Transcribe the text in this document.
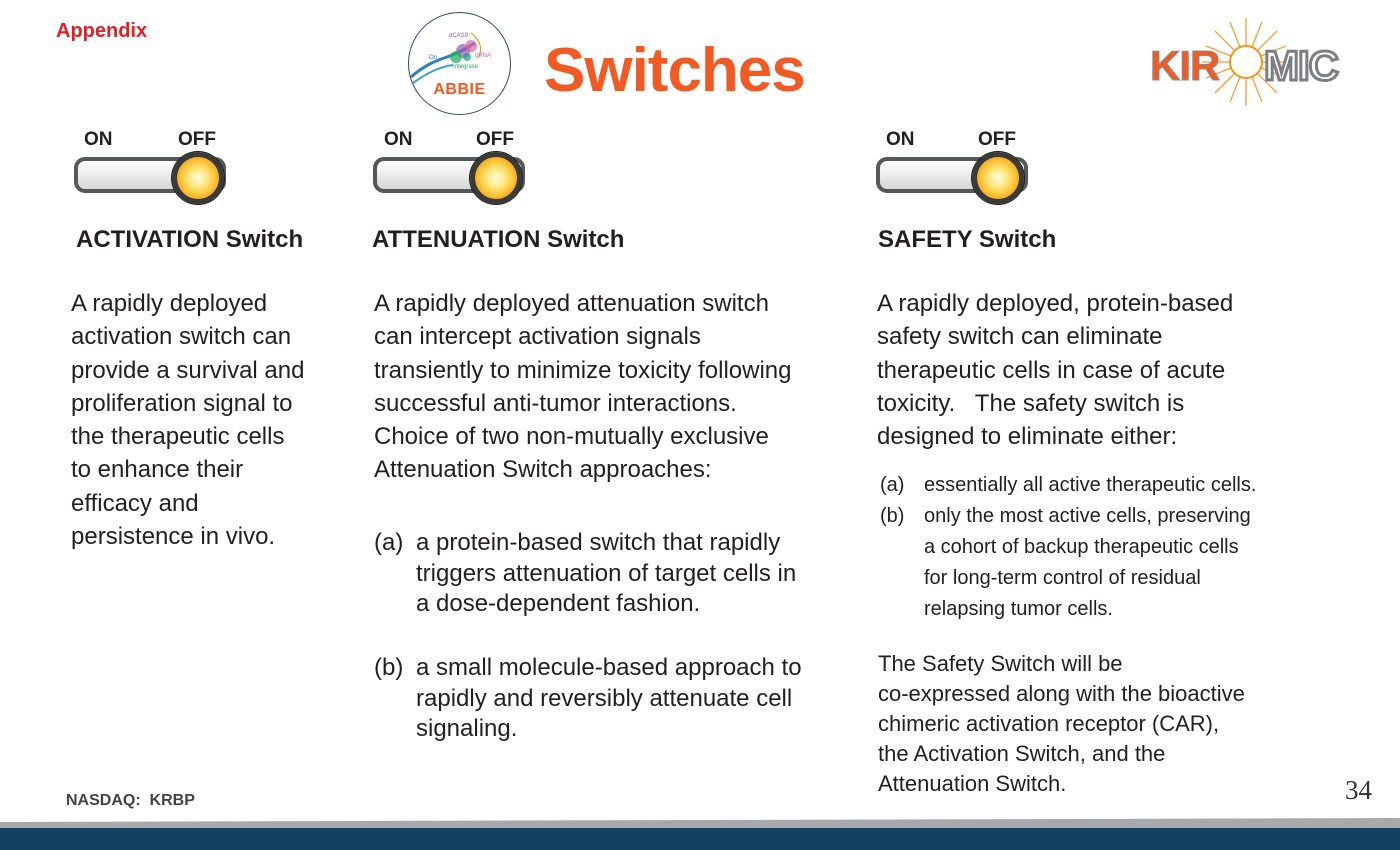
Appendix	dCAS9
gRNA
Integrase
On
ABBIE Switches	KIR MIC
ON	OFF	ON	OFF	ON	OFF
ACTIVATION Switch	ATTENUATION Switch	SAFETY Switch
A rapidly deployed
activation switch can
provide a survival and
proliferation signal to
the therapeutic cells
to enhance their
efficacy and
persistence in vivo.
A rapidly deployed attenuation switch
can intercept activation signals
transiently to minimize toxicity following
successful anti-tumor interactions.
Choice of two non-mutually exclusive
Attenuation Switch approaches:
(a) a protein-based switch that rapidly
triggers attenuation of target cells in
a dose-dependent fashion.
(b) a small molecule-based approach to
rapidly and reversibly attenuate cell
signaling.
A rapidly deployed, protein-based
safety switch can eliminate
therapeutic cells in case of acute
toxicity.   The safety switch is
designed to eliminate either:
(a) essentially all active therapeutic cells.
(b) only the most active cells, preserving
a cohort of backup therapeutic cells
for long-term control of residual
relapsing tumor cells.
The Safety Switch will be
co-expressed along with the bioactive
chimeric activation receptor (CAR),
the Activation Switch, and the
Attenuation Switch.
NASDAQ:  KRBP	34
